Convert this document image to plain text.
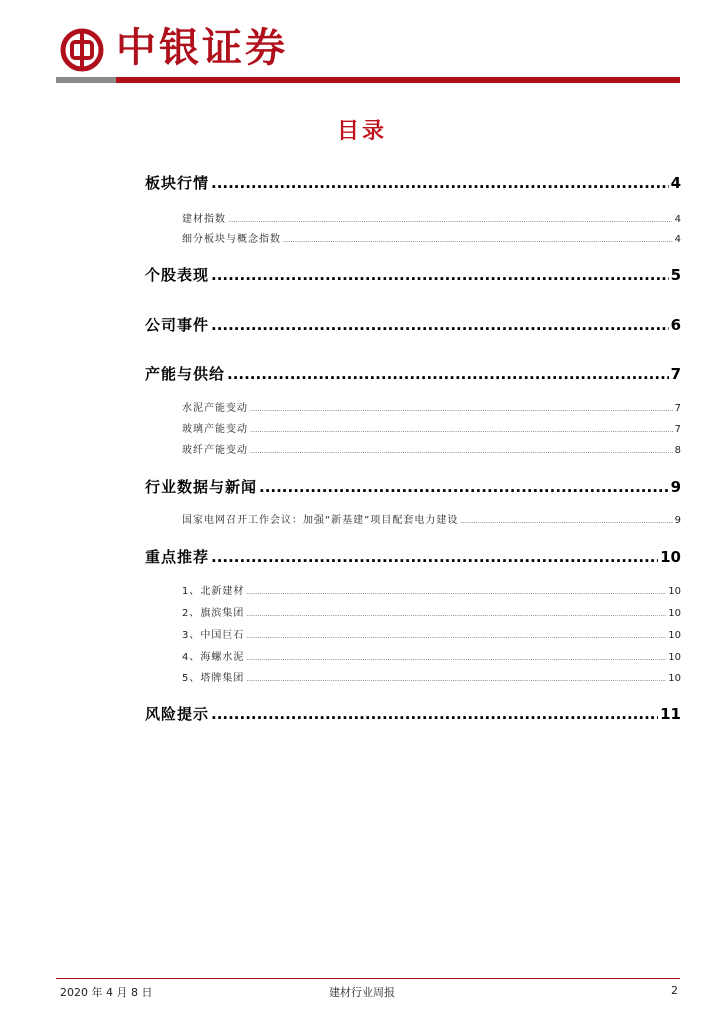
中银证券
目录
板块行情 .....	4
建材指数 .....	4
细分板块与概念指数 .....	4
个股表现 .....	5
公司事件 .....	6
产能与供给 .....	7
水泥产能变动 .....	7
玻璃产能变动 .....	7
玻纤产能变动 .....	8
行业数据与新闻 .....	9
国家电网召开工作会议：加强“新基建”项目配套电力建设 .....	9
重点推荐 .....	10
1、北新建材 .....	10
2、旗滨集团 .....	10
3、中国巨石 .....	10
4、海螺水泥 .....	10
5、塔牌集团 .....	10
风险提示 .....	11
2020 年 4 月 8 日	建材行业周报	2
